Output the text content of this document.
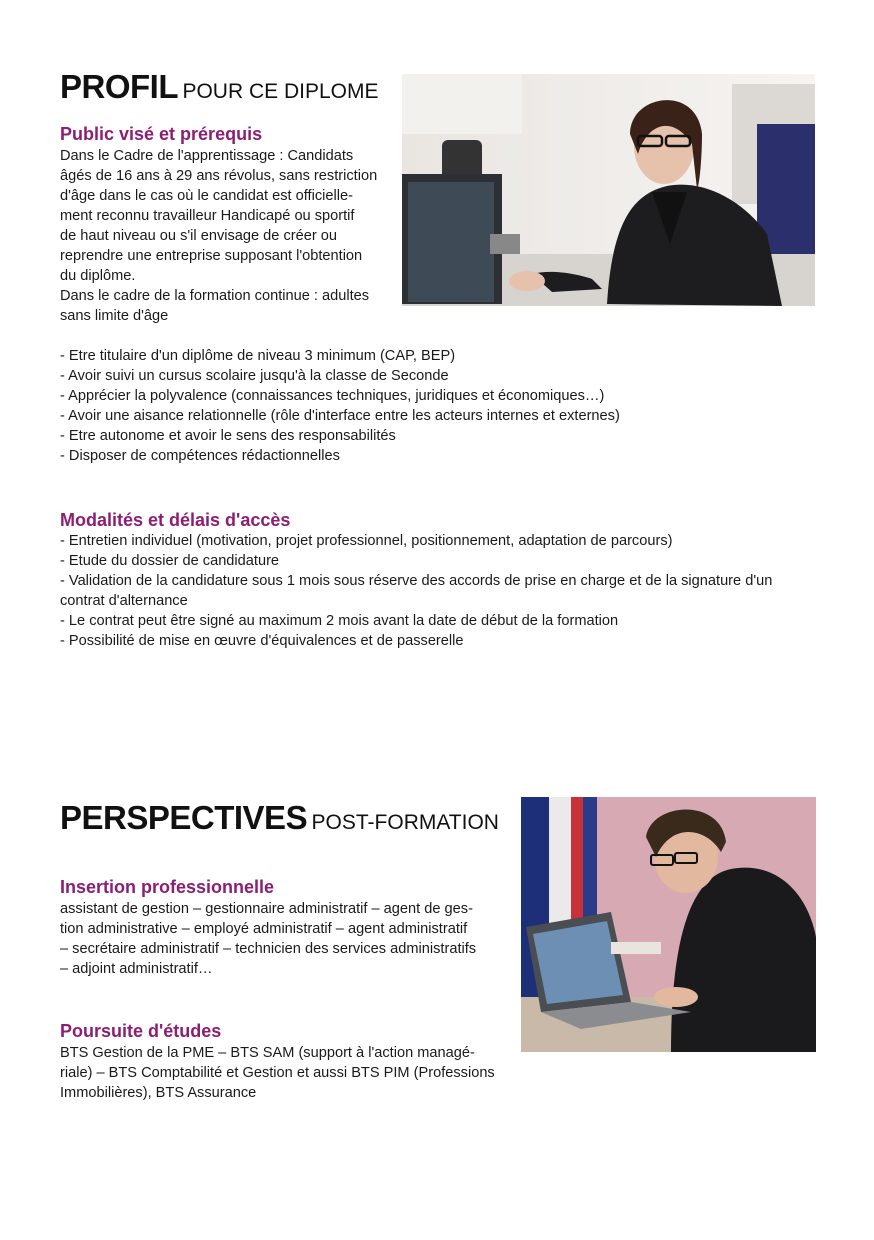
PROFIL POUR CE DIPLOME
Public visé et prérequis
Dans le Cadre de l'apprentissage : Candidats
âgés de 16 ans à 29 ans révolus, sans restriction
d'âge dans le cas où le candidat est officielle-
ment reconnu travailleur Handicapé ou sportif
de haut niveau ou s'il envisage de créer ou
reprendre une entreprise supposant l'obtention
du diplôme.
Dans le cadre de la formation continue : adultes
sans limite d'âge
- Etre titulaire d'un diplôme de niveau 3 minimum (CAP, BEP)
- Avoir suivi un cursus scolaire jusqu'à la classe de Seconde
- Apprécier la polyvalence (connaissances techniques, juridiques et économiques…)
- Avoir une aisance relationnelle (rôle d'interface entre les acteurs internes et externes)
- Etre autonome et avoir le sens des responsabilités
- Disposer de compétences rédactionnelles
Modalités et délais d'accès
- Entretien individuel (motivation, projet professionnel, positionnement, adaptation de parcours)
- Etude du dossier de candidature
- Validation de la candidature sous 1 mois sous réserve des accords de prise en charge et de la signature d'un
contrat d'alternance
- Le contrat peut être signé au maximum 2 mois avant la date de début de la formation
- Possibilité de mise en œuvre d'équivalences et de passerelle
PERSPECTIVES POST-FORMATION
Insertion professionnelle
assistant de gestion – gestionnaire administratif – agent de ges-
tion administrative – employé administratif – agent administratif
– secrétaire administratif – technicien des services administratifs
– adjoint administratif…
Poursuite d'études
BTS Gestion de la PME – BTS SAM (support à l'action managé-
riale) – BTS Comptabilité et Gestion et aussi BTS PIM (Professions
Immobilières), BTS Assurance
